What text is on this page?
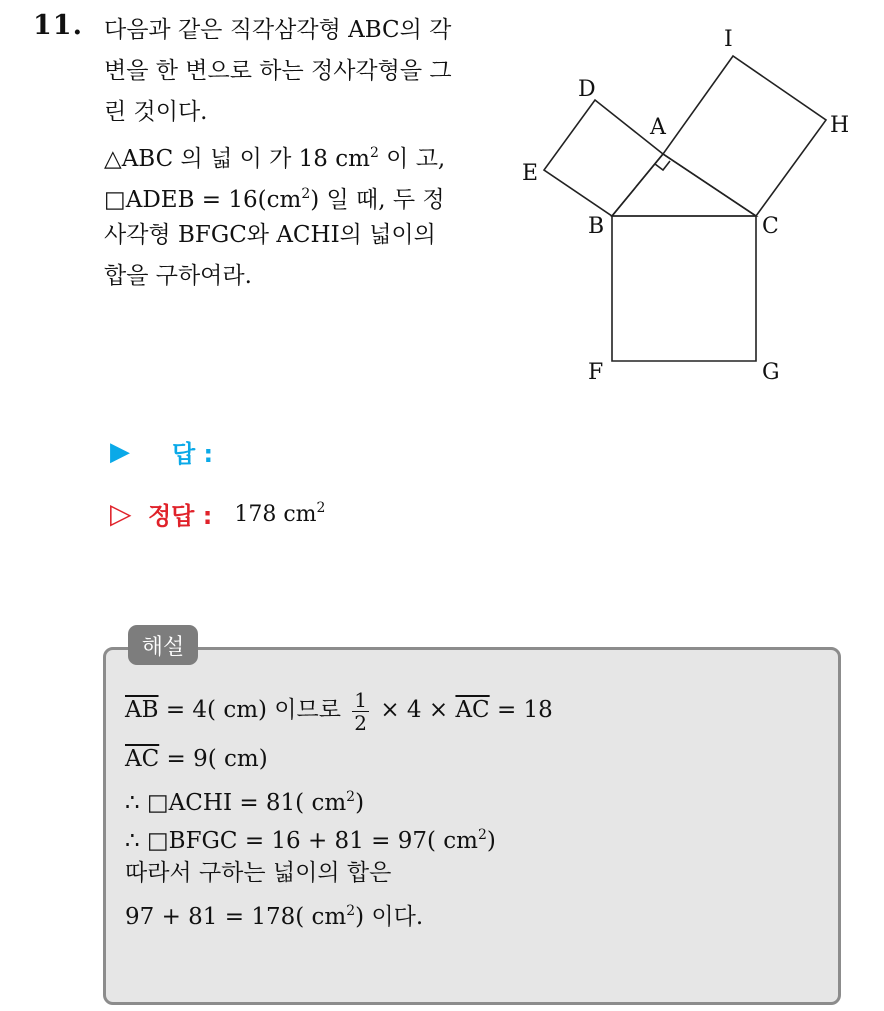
11. 다음과 같은 직각삼각형 ABC의 각
변을 한 변으로 하는 정사각형을 그
린 것이다.
△ABC 의 넓 이 가 18 $cm^2$ 이 고,
□ADEB = $16(cm^2)$ 일 때, 두 정
사각형 BFGC와 ACHI의 넓이의
합을 구하여라.
A
B	C
D
E
F	G
H
I
▶	답 :
▷ 정답 : 178 $cm^2$
해설
$\overline{AB} = 4$( cm) 이므로 $\frac{1}{2} \times 4 \times \overline{AC} = 18$
$\overline{AC} = 9$( cm)
∴ □ACHI = 81( $cm^2$)
∴ □BFGC = 16 + 81 = 97( $cm^2$)
따라서 구하는 넓이의 합은
97 + 81 = 178( $cm^2$) 이다.
